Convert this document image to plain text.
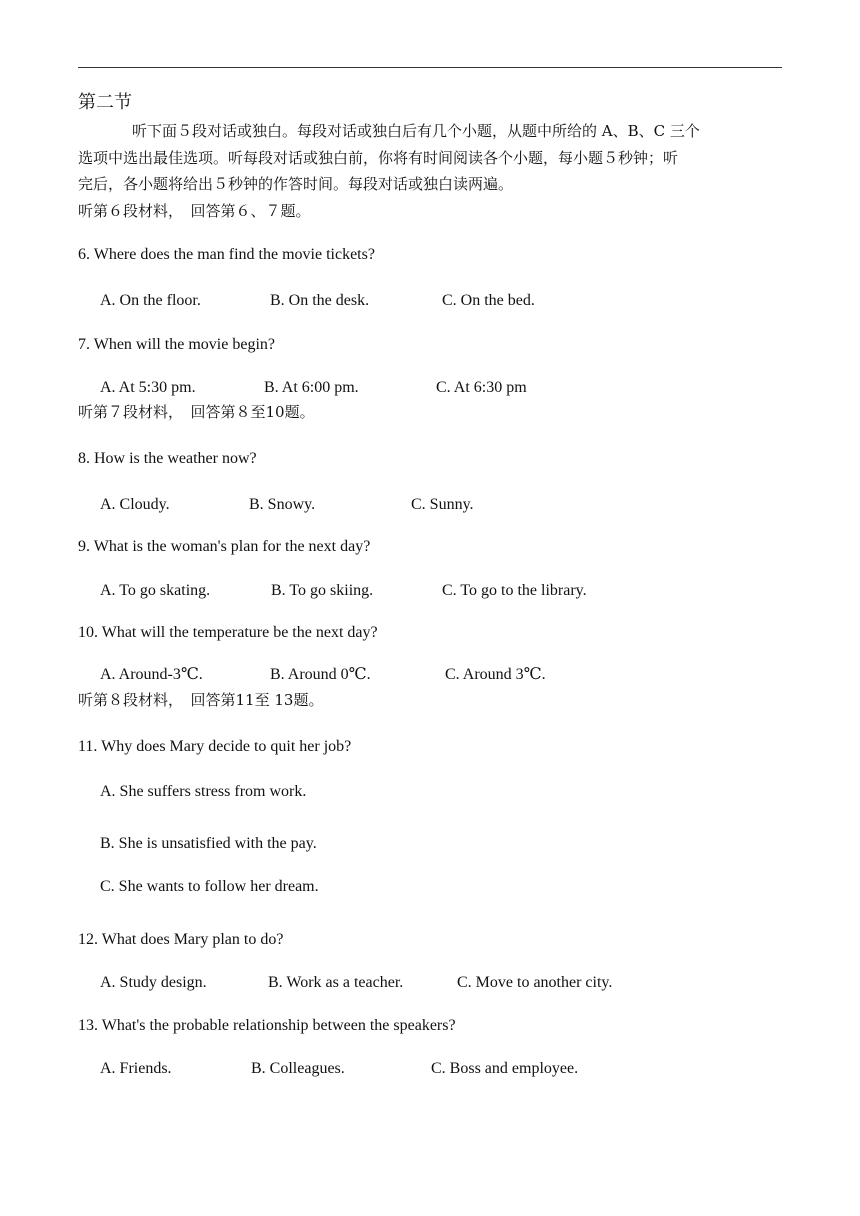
第二节
听下面５段对话或独白。每段对话或独白后有几个小题，从题中所给的 A、B、C 三个
选项中选出最佳选项。听每段对话或独白前，你将有时间阅读各个小题，每小题５秒钟；听
完后，各小题将给出５秒钟的作答时间。每段对话或独白读两遍。
听第６段材料，　回答第６、７题。
6. Where does the man find the movie tickets?
A. On the floor.	B. On the desk.	C. On the bed.
7. When will the movie begin?
A. At 5:30 pm.	B. At 6:00 pm.	C. At 6:30 pm
听第７段材料，　回答第８至10题。
8. How is the weather now?
A. Cloudy.	B. Snowy.	C. Sunny.
9. What is the woman's plan for the next day?
A. To go skating.	B. To go skiing.	C. To go to the library.
10. What will the temperature be the next day?
A. Around-3℃.	B. Around 0℃.	C. Around 3℃.
听第８段材料，　回答第11至 13题。
11. Why does Mary decide to quit her job?
A. She suffers stress from work.
B. She is unsatisfied with the pay.
C. She wants to follow her dream.
12. What does Mary plan to do?
A. Study design.	B. Work as a teacher.	C. Move to another city.
13. What's the probable relationship between the speakers?
A. Friends.	B. Colleagues.	C. Boss and employee.
